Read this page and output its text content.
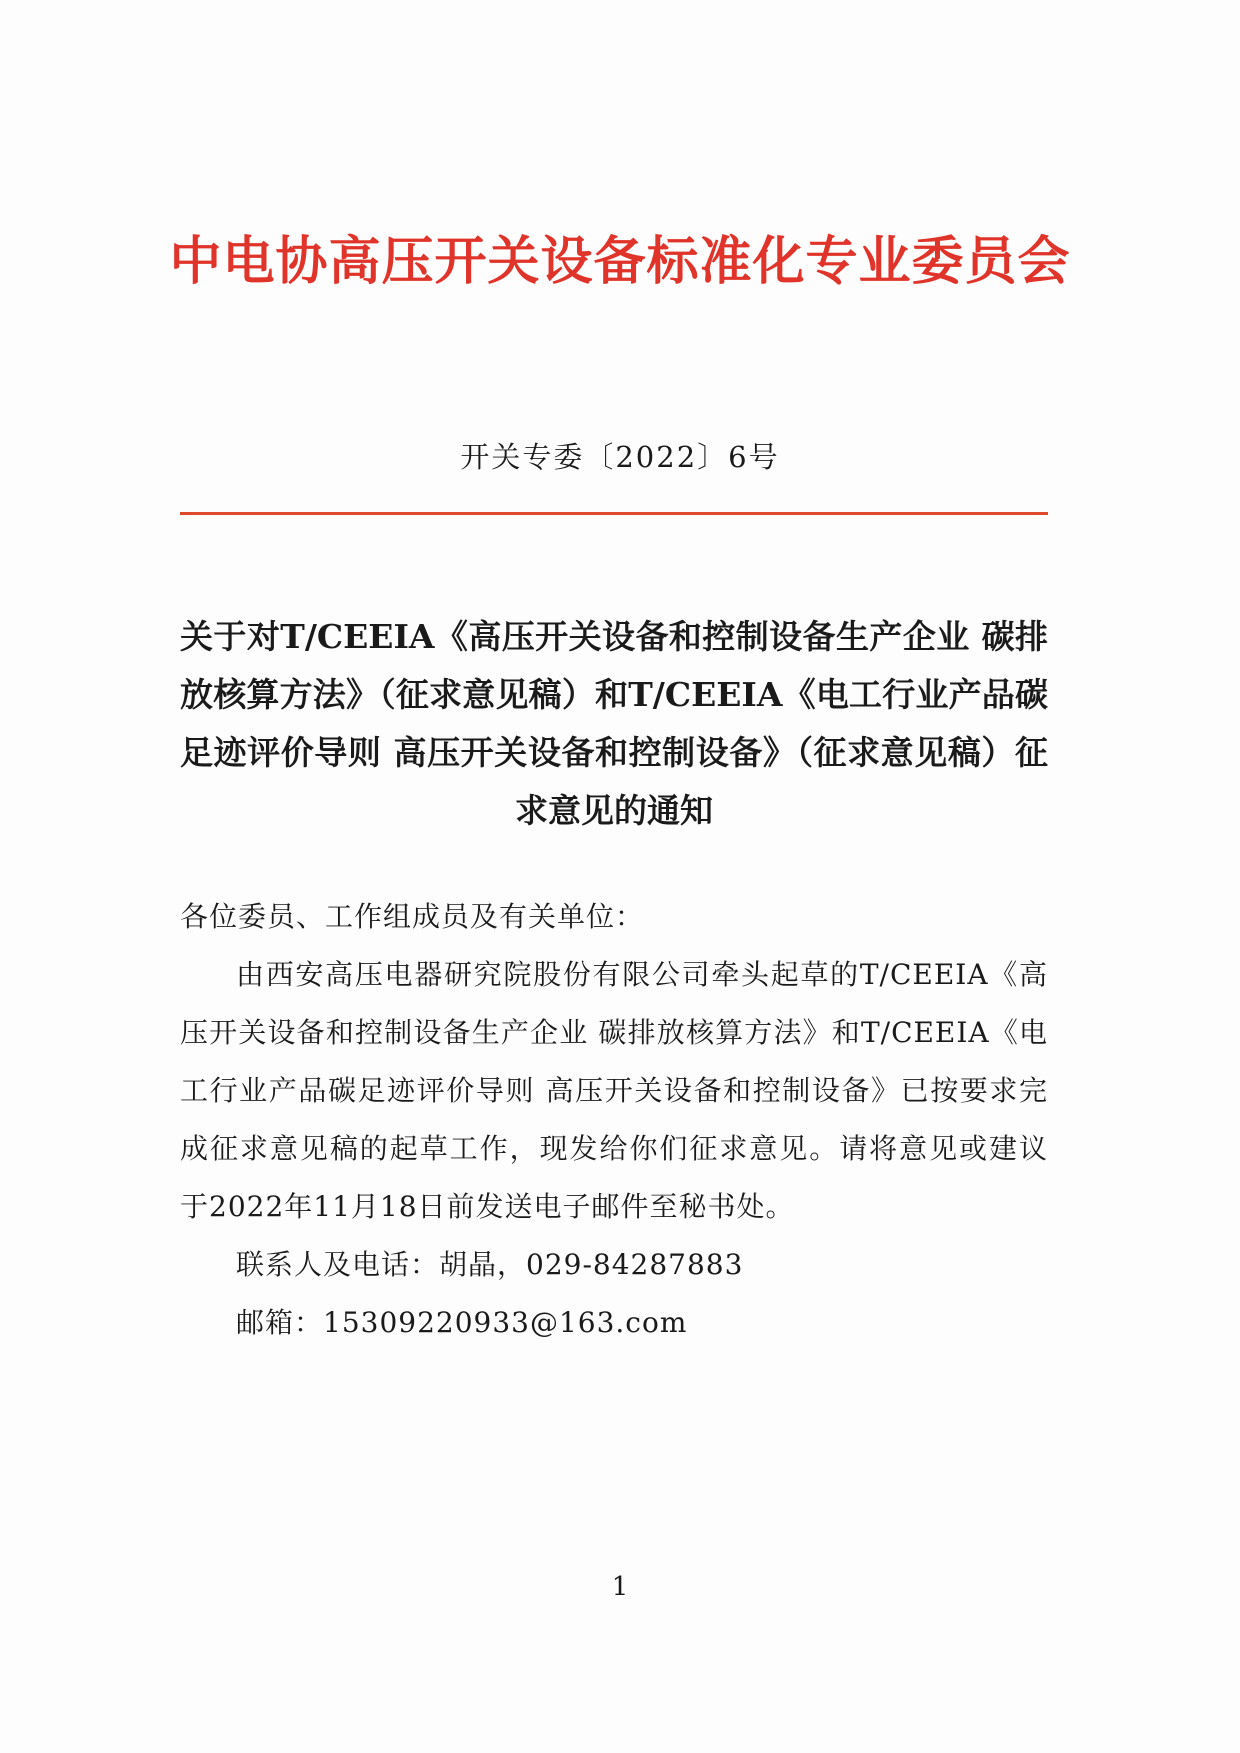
中电协高压开关设备标准化专业委员会
开关专委〔2022〕6号
关于对T/CEEIA《高压开关设备和控制设备生产企业 碳排放核算方法》（征求意见稿）和T/CEEIA《电工行业产品碳足迹评价导则 高压开关设备和控制设备》（征求意见稿）征求意见的通知

各位委员、工作组成员及有关单位：

由西安高压电器研究院股份有限公司牵头起草的T/CEEIA《高压开关设备和控制设备生产企业 碳排放核算方法》和T/CEEIA《电工行业产品碳足迹评价导则 高压开关设备和控制设备》已按要求完成征求意见稿的起草工作，现发给你们征求意见。请将意见或建议于2022年11月18日前发送电子邮件至秘书处。

联系人及电话：胡晶，029-84287883

邮箱：15309220933@163.com

1
